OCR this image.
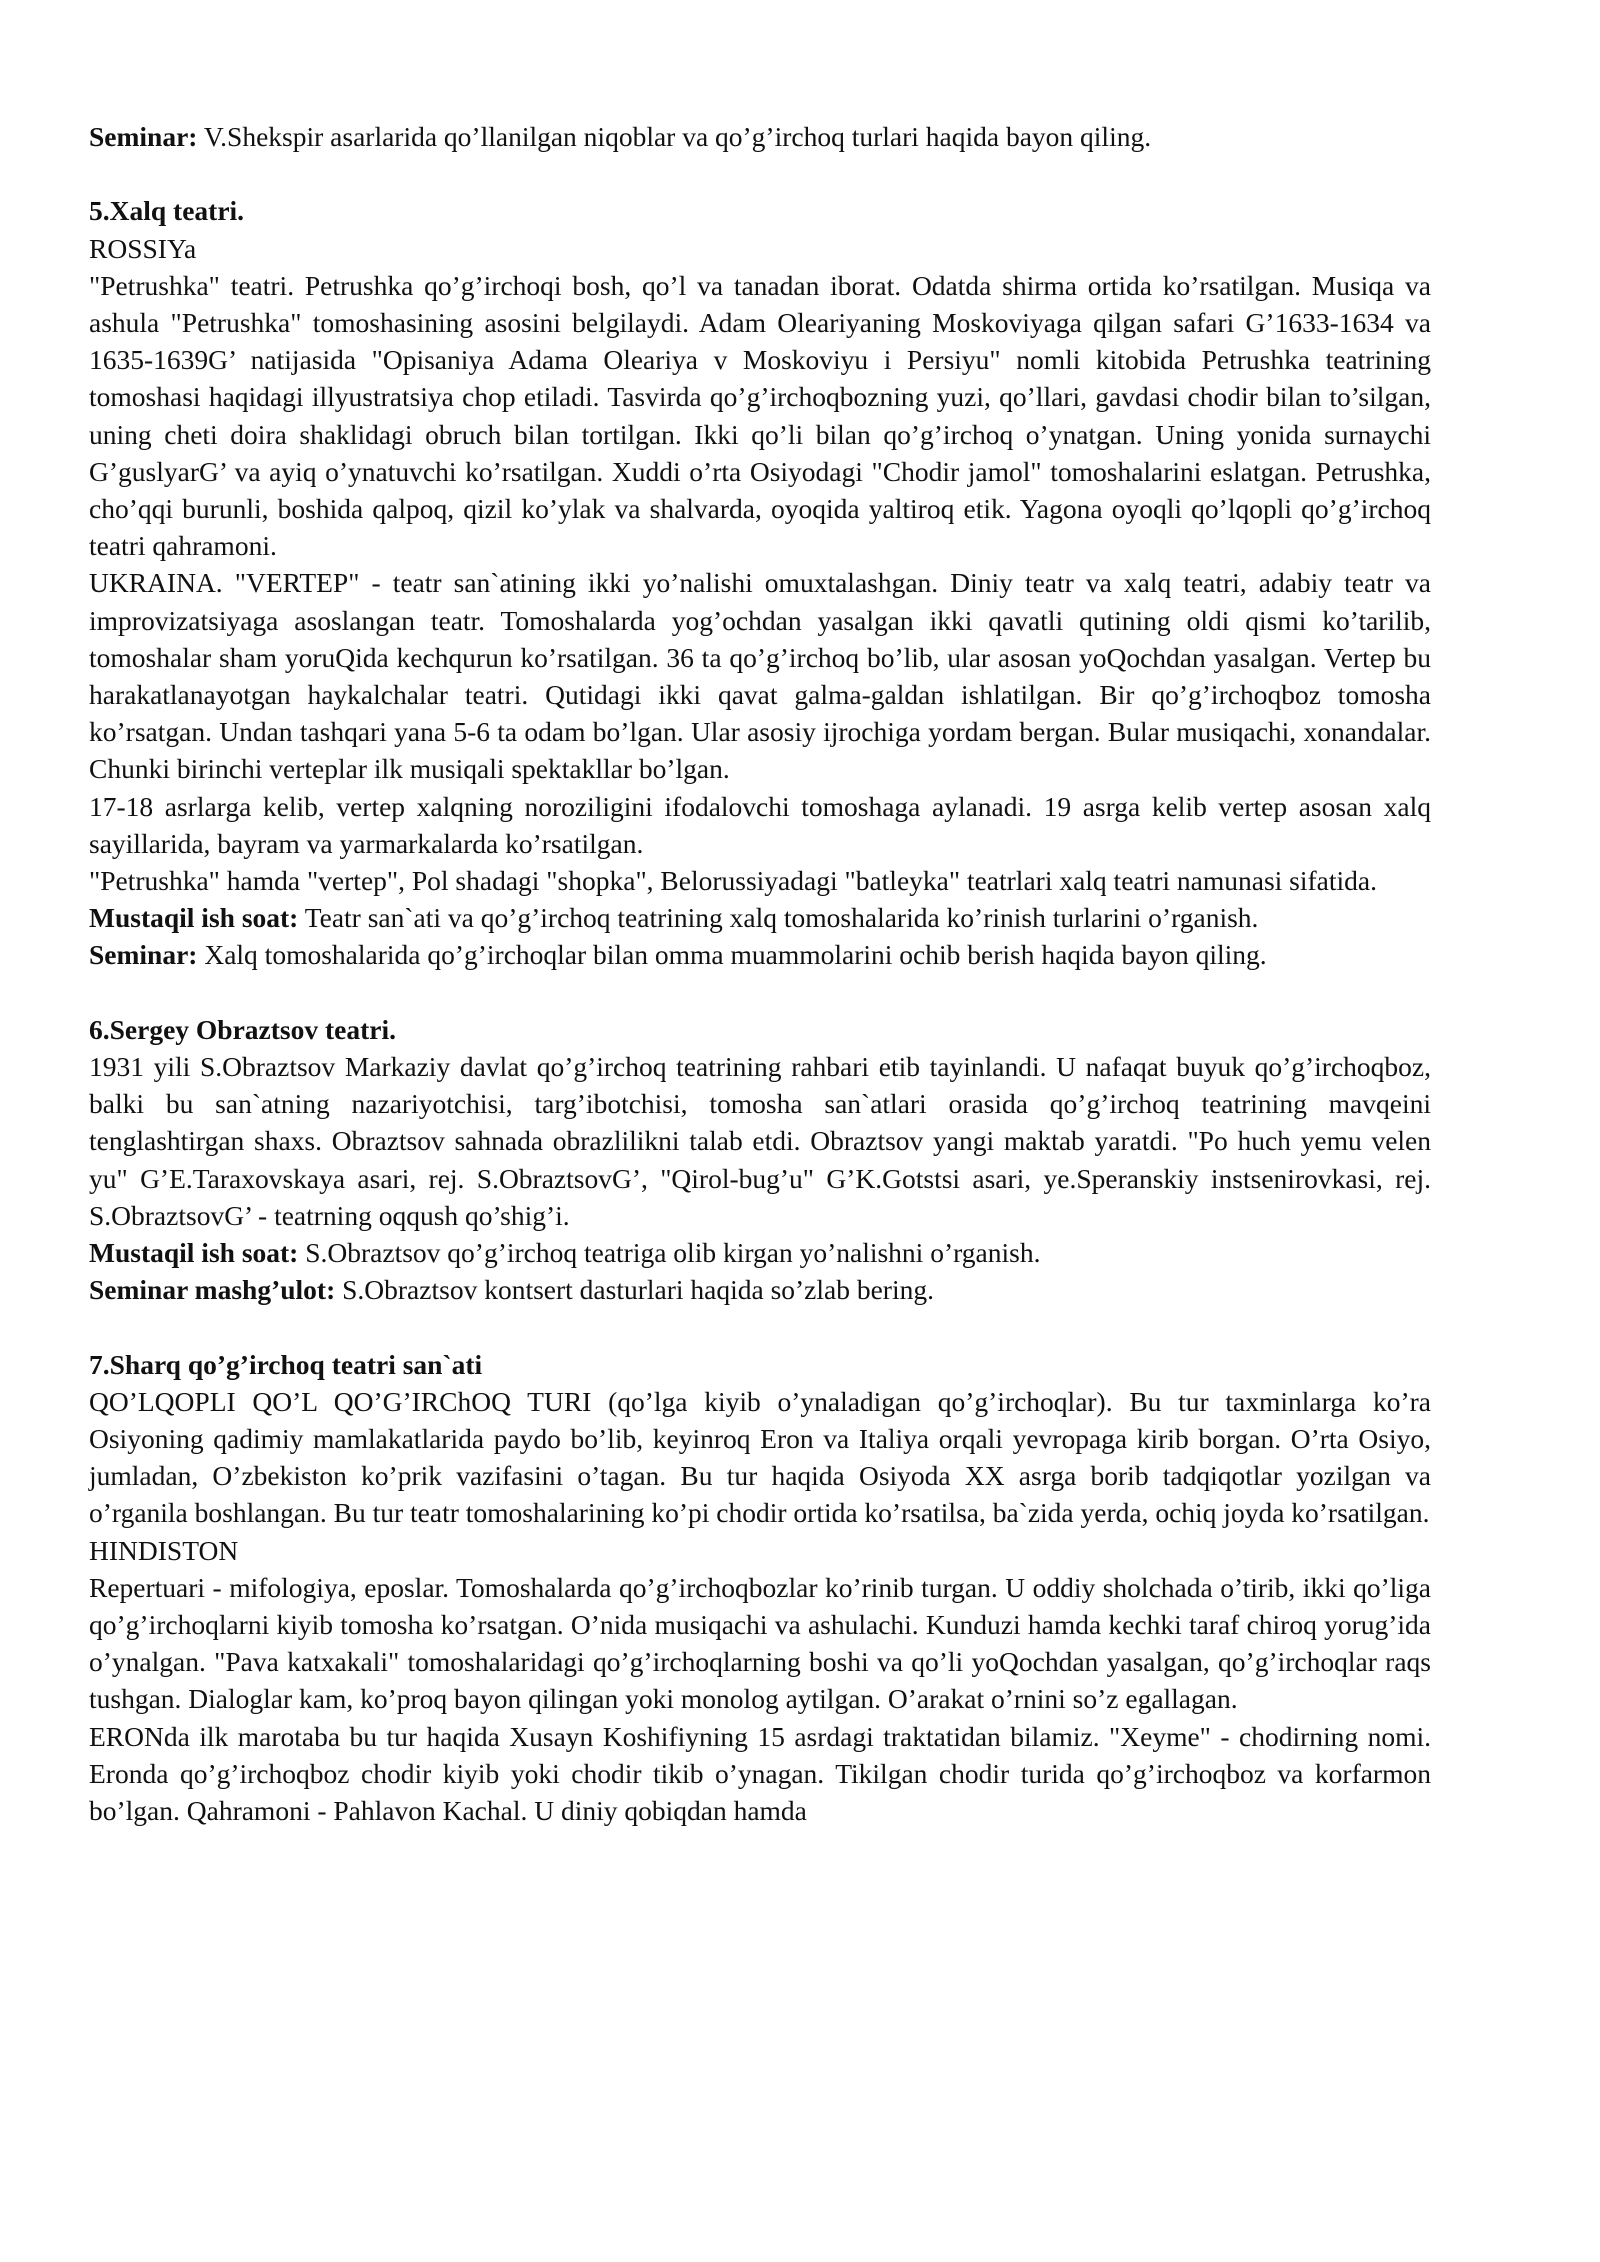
Seminar: V.Shekspir asarlarida qo’llanilgan niqoblar va qo’g’irchoq turlari haqida bayon qiling.

5.Xalq teatri.

ROSSIYa

"Petrushka" teatri. Petrushka qo’g’irchoqi bosh, qo’l va tanadan iborat. Odatda shirma ortida ko’rsatilgan. Musiqa va ashula "Petrushka" tomoshasining asosini belgilaydi. Adam Oleariyaning Moskoviyaga qilgan safari G’1633-1634 va 1635-1639G’ natijasida "Opisaniya Adama Oleariya v Moskoviyu i Persiyu" nomli kitobida Petrushka teatrining tomoshasi haqidagi illyustratsiya chop etiladi. Tasvirda qo’g’irchoqbozning yuzi, qo’llari, gavdasi chodir bilan to’silgan, uning cheti doira shaklidagi obruch bilan tortilgan. Ikki qo’li bilan qo’g’irchoq o’ynatgan. Uning yonida surnaychi G’guslyarG’ va ayiq o’ynatuvchi ko’rsatilgan. Xuddi o’rta Osiyodagi "Chodir jamol" tomoshalarini eslatgan. Petrushka, cho’qqi burunli, boshida qalpoq, qizil ko’ylak va shalvarda, oyoqida yaltiroq etik. Yagona oyoqli qo’lqopli qo’g’irchoq teatri qahramoni.

UKRAINA. "VERTEP" - teatr san`atining ikki yo’nalishi omuxtalashgan. Diniy teatr va xalq teatri, adabiy teatr va improvizatsiyaga asoslangan teatr. Tomoshalarda yog’ochdan yasalgan ikki qavatli qutining oldi qismi ko’tarilib, tomoshalar sham yoruQida kechqurun ko’rsatilgan. 36 ta qo’g’irchoq bo’lib, ular asosan yoQochdan yasalgan. Vertep bu harakatlanayotgan haykalchalar teatri. Qutidagi ikki qavat galma-galdan ishlatilgan. Bir qo’g’irchoqboz tomosha ko’rsatgan. Undan tashqari yana 5-6 ta odam bo’lgan. Ular asosiy ijrochiga yordam bergan. Bular musiqachi, xonandalar. Chunki birinchi verteplar ilk musiqali spektakllar bo’lgan.

17-18 asrlarga kelib, vertep xalqning noroziligini ifodalovchi tomoshaga aylanadi. 19 asrga kelib vertep asosan xalq sayillarida, bayram va yarmarkalarda ko’rsatilgan.

"Petrushka" hamda "vertep", Pol shadagi "shopka", Belorussiyadagi "batleyka" teatrlari xalq teatri namunasi sifatida.

Mustaqil ish soat: Teatr san`ati va qo’g’irchoq teatrining xalq tomoshalarida ko’rinish turlarini o’rganish.

Seminar: Xalq tomoshalarida qo’g’irchoqlar bilan omma muammolarini ochib berish haqida bayon qiling.

6.Sergey Obraztsov teatri.

1931 yili S.Obraztsov Markaziy davlat qo’g’irchoq teatrining rahbari etib tayinlandi. U nafaqat buyuk qo’g’irchoqboz, balki bu san`atning nazariyotchisi, targ’ibotchisi, tomosha san`atlari orasida qo’g’irchoq teatrining mavqeini tenglashtirgan shaxs. Obraztsov sahnada obrazlilikni talab etdi. Obraztsov yangi maktab yaratdi. "Po huch yemu velen yu" G’E.Taraxovskaya asari, rej. S.ObraztsovG’, "Qirol-bug’u" G’K.Gotstsi asari, ye.Speranskiy instsenirovkasi, rej. S.ObraztsovG’ - teatrning oqqush qo’shig’i.

Mustaqil ish soat: S.Obraztsov qo’g’irchoq teatriga olib kirgan yo’nalishni o’rganish.

Seminar mashg’ulot: S.Obraztsov kontsert dasturlari haqida so’zlab bering.

7.Sharq qo’g’irchoq teatri san`ati

QO’LQOPLI QO’L QO’G’IRChOQ TURI (qo’lga kiyib o’ynaladigan qo’g’irchoqlar). Bu tur taxminlarga ko’ra Osiyoning qadimiy mamlakatlarida paydo bo’lib, keyinroq Eron va Italiya orqali yevropaga kirib borgan. O’rta Osiyo, jumladan, O’zbekiston ko’prik vazifasini o’tagan. Bu tur haqida Osiyoda XX asrga borib tadqiqotlar yozilgan va o’rganila boshlangan. Bu tur teatr tomoshalarining ko’pi chodir ortida ko’rsatilsa, ba`zida yerda, ochiq joyda ko’rsatilgan.

HINDISTON

Repertuari - mifologiya, eposlar. Tomoshalarda qo’g’irchoqbozlar ko’rinib turgan. U oddiy sholchada o’tirib, ikki qo’liga qo’g’irchoqlarni kiyib tomosha ko’rsatgan. O’nida musiqachi va ashulachi. Kunduzi hamda kechki taraf chiroq yorug’ida o’ynalgan. "Pava katxakali" tomoshalaridagi qo’g’irchoqlarning boshi va qo’li yoQochdan yasalgan, qo’g’irchoqlar raqs tushgan. Dialoglar kam, ko’proq bayon qilingan yoki monolog aytilgan. O’arakat o’rnini so’z egallagan.

ERONda ilk marotaba bu tur haqida Xusayn Koshifiyning 15 asrdagi traktatidan bilamiz. "Xeyme" - chodirning nomi. Eronda qo’g’irchoqboz chodir kiyib yoki chodir tikib o’ynagan. Tikilgan chodir turida qo’g’irchoqboz va korfarmon bo’lgan. Qahramoni - Pahlavon Kachal. U diniy qobiqdan hamda
